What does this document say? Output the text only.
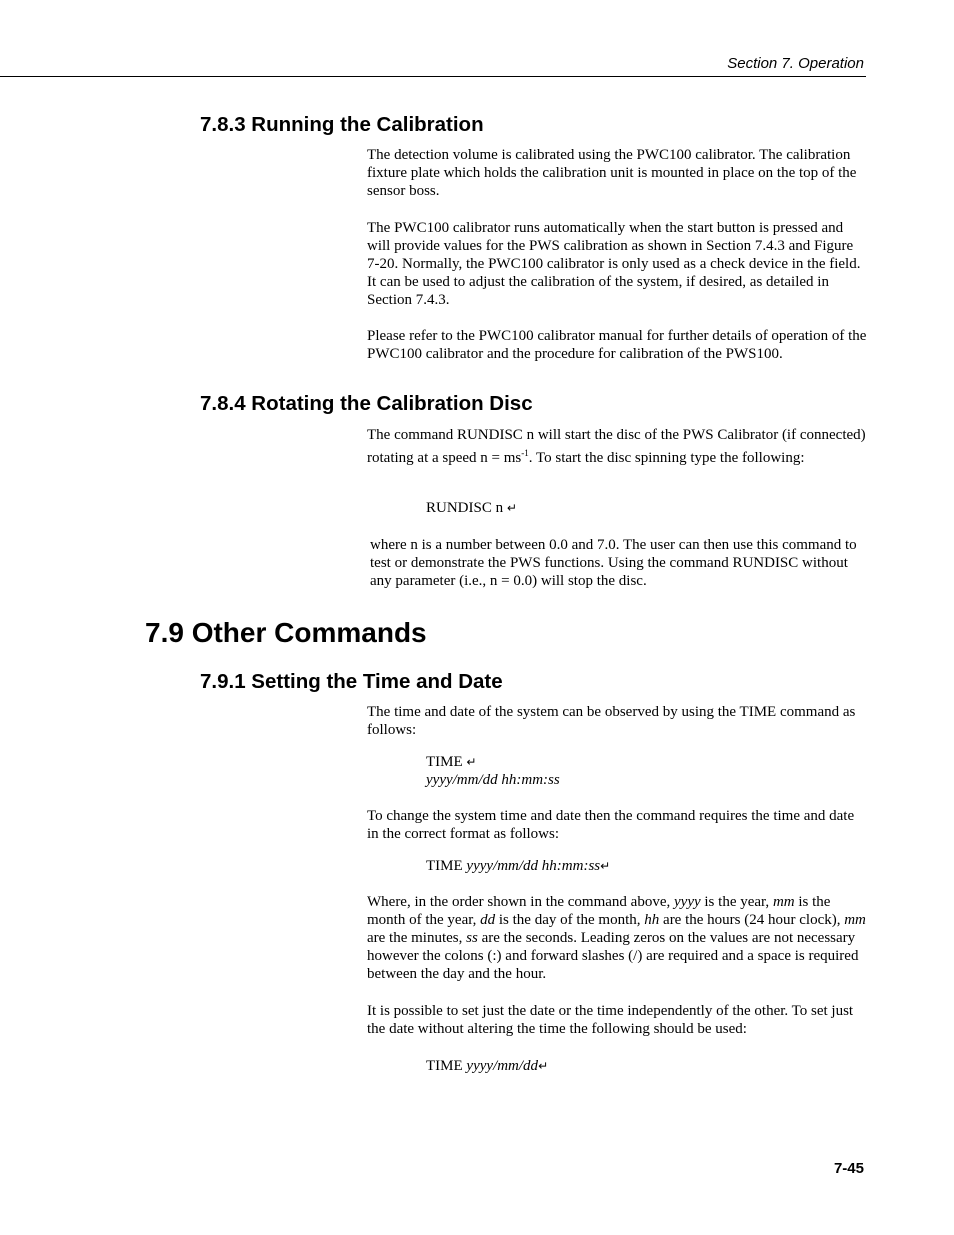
Section 7. Operation
7.8.3 Running the Calibration

The detection volume is calibrated using the PWC100 calibrator. The calibration fixture plate which holds the calibration unit is mounted in place on the top of the sensor boss.

The PWC100 calibrator runs automatically when the start button is pressed and will provide values for the PWS calibration as shown in Section 7.4.3 and Figure 7-20. Normally, the PWC100 calibrator is only used as a check device in the field. It can be used to adjust the calibration of the system, if desired, as detailed in Section 7.4.3.

Please refer to the PWC100 calibrator manual for further details of operation of the PWC100 calibrator and the procedure for calibration of the PWS100.

7.8.4 Rotating the Calibration Disc

The command RUNDISC n will start the disc of the PWS Calibrator (if connected) rotating at a speed $n = ms^{-1}$. To start the disc spinning type the following:

RUNDISC n ↵

where n is a number between 0.0 and 7.0. The user can then use this command to test or demonstrate the PWS functions. Using the command RUNDISC without any parameter (i.e., n = 0.0) will stop the disc.

7.9 Other Commands
7.9.1 Setting the Time and Date

The time and date of the system can be observed by using the TIME command as follows:

TIME ↵

yyyy/mm/dd hh:mm:ss

To change the system time and date then the command requires the time and date in the correct format as follows:

TIME yyyy/mm/dd hh:mm:ss↵

Where, in the order shown in the command above, yyyy is the year, mm is the month of the year, dd is the day of the month, hh are the hours (24 hour clock), mm are the minutes, ss are the seconds. Leading zeros on the values are not necessary however the colons (:) and forward slashes (/) are required and a space is required between the day and the hour.

It is possible to set just the date or the time independently of the other. To set just the date without altering the time the following should be used:

TIME yyyy/mm/dd↵

7-45
